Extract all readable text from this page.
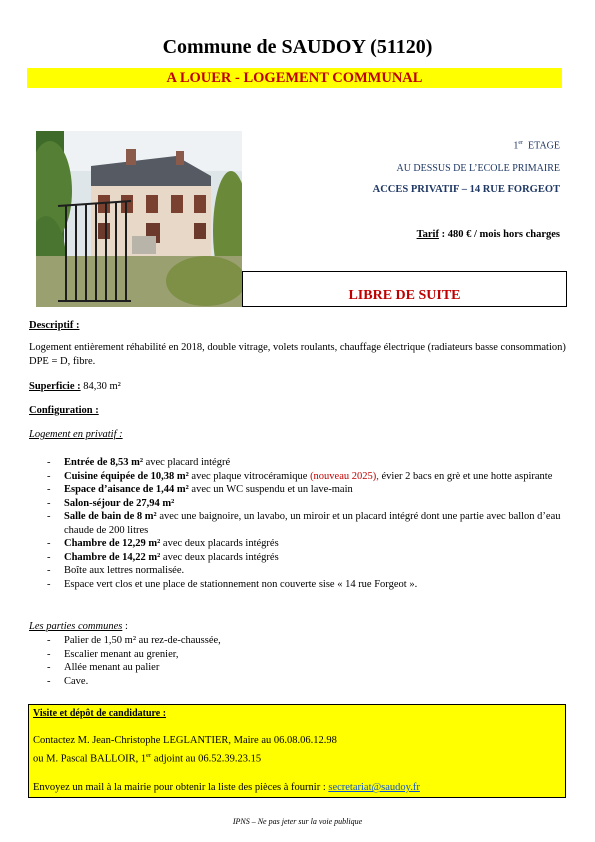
Commune de SAUDOY (51120)
A LOUER - LOGEMENT COMMUNAL
1er ETAGE
AU DESSUS DE L’ECOLE PRIMAIRE
ACCES PRIVATIF – 14 RUE FORGEOT
Tarif : 480 € / mois hors charges
LIBRE DE SUITE
Descriptif :
Logement entièrement réhabilité en 2018, double vitrage, volets roulants, chauffage électrique (radiateurs basse consommation) DPE = D, fibre.
Superficie : 84,30 m²
Configuration :
Logement en privatif :
- Entrée de 8,53 m² avec placard intégré
- Cuisine équipée de 10,38 m² avec plaque vitrocéramique (nouveau 2025), évier 2 bacs en grè et une hotte aspirante
- Espace d’aisance de 1,44 m² avec un WC suspendu et un lave-main
- Salon-séjour de 27,94 m²
- Salle de bain de 8 m² avec une baignoire, un lavabo, un miroir et un placard intégré dont une partie avec ballon d’eau chaude de 200 litres
- Chambre de 12,29 m² avec deux placards intégrés
- Chambre de 14,22 m² avec deux placards intégrés
- Boîte aux lettres normalisée.
- Espace vert clos et une place de stationnement non couverte sise « 14 rue Forgeot ».
Les parties communes :
- Palier de 1,50 m² au rez-de-chaussée,
- Escalier menant au grenier,
- Allée menant au palier
- Cave.
Visite et dépôt de candidature :
Contactez M. Jean-Christophe LEGLANTIER, Maire au 06.08.06.12.98
ou M. Pascal BALLOIR, 1er adjoint au 06.52.39.23.15
Envoyez un mail à la mairie pour obtenir la liste des pièces à fournir : secretariat@saudoy.fr
IPNS – Ne pas jeter sur la voie publique
